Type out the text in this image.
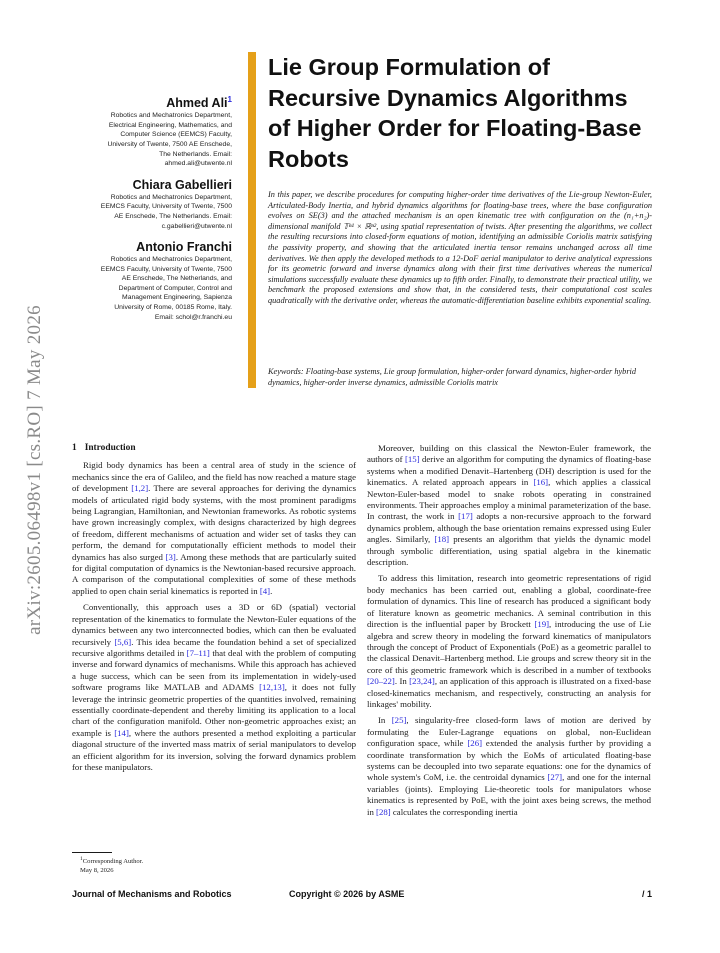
arXiv:2605.06498v1 [cs.RO] 7 May 2026
Ahmed Ali$^1$
Robotics and Mechatronics Department,
Electrical Engineering, Mathematics, and
Computer Science (EEMCS) Faculty,
University of Twente, 7500 AE Enschede,
The Netherlands. Email:
ahmed.ali@utwente.nl
Chiara Gabellieri
Robotics and Mechatronics Department,
EEMCS Faculty, University of Twente, 7500
AE Enschede, The Netherlands. Email:
c.gabellieri@utwente.nl
Antonio Franchi
Robotics and Mechatronics Department,
EEMCS Faculty, University of Twente, 7500
AE Enschede, The Netherlands, and
Department of Computer, Control and
Management Engineering, Sapienza
University of Rome, 00185 Rome, Italy.
Email: schol@r.franchi.eu
Lie Group Formulation of
Recursive Dynamics Algorithms
of Higher Order for Floating-Base
Robots
In this paper, we describe procedures for computing higher-order time derivatives of the Lie-group Newton-Euler, Articulated-Body Inertia, and hybrid dynamics algorithms for floating-base trees, where the base configuration evolves on SE(3) and the attached mechanism is an open kinematic tree with configuration on the (n₁+n₂)-dimensional manifold 𝕋ⁿ¹ × ℝⁿ², using spatial representation of twists. After presenting the algorithms, we collect the resulting recursions into closed-form equations of motion, identifying an admissible Coriolis matrix satisfying the passivity property, and showing that the articulated inertia tensor remains unchanged across all time derivatives. We then apply the developed methods to a 12-DoF aerial manipulator to derive analytical expressions for its geometric forward and inverse dynamics along with their first time derivatives whereas the numerical simulations successfully evaluate these dynamics up to fifth order. Finally, to demonstrate their practical utility, we benchmark the proposed extensions and show that, in the considered tests, their computational cost scales quadratically with the derivative order, whereas the automatic-differentiation baseline exhibits exponential scaling.
Keywords: Floating-base systems, Lie group formulation, higher-order forward dynamics, higher-order hybrid dynamics, higher-order inverse dynamics, admissible Coriolis matrix
1 Introduction

Rigid body dynamics has been a central area of study in the science of mechanics since the era of Galileo, and the field has now reached a mature stage of development [1,2]. There are several approaches for deriving the dynamics models of articulated rigid body systems, with the most prominent paradigms being Lagrangian, Hamiltonian, and Newtonian frameworks. As robotic systems have grown increasingly complex, with designs characterized by high degrees of freedom, different mechanisms of actuation and wider set of tasks they can perform, the demand for computationally efficient methods to model their dynamics has also surged [3]. Among these methods that are particularly suited for digital computation of dynamics is the Newtonian-based recursive approach. A comparison of the computational complexities of some of these methods applied to open chain serial kinematics is reported in [4].

Conventionally, this approach uses a 3D or 6D (spatial) vectorial representation of the kinematics to formulate the Newton-Euler equations of the dynamics between any two interconnected bodies, which can then be evaluated recursively [5,6]. This idea became the foundation behind a set of specialized recursive algorithms detailed in [7–11] that deal with the problem of computing inverse and forward dynamics of mechanisms. While this approach has achieved a huge success, which can be seen from its implementation in widely-used software programs like MATLAB and ADAMS [12,13], it does not fully leverage the intrinsic geometric properties of the quantities involved, remaining essentially coordinate-dependent and thereby limiting its application to a local chart of the configuration manifold. Other non-geometric approaches exist; an example is [14], where the authors presented a method exploiting a particular diagonal structure of the inverted mass matrix of serial manipulators to develop an efficient algorithm for its inversion, solving the forward dynamics problem for these manipulators.

Moreover, building on this classical the Newton-Euler framework, the authors of [15] derive an algorithm for computing the dynamics of floating-base systems when a modified Denavit–Hartenberg (DH) description is used for the kinematics. A related approach appears in [16], which applies a classical Newton-Euler-based model to snake robots operating in constrained environments. Their approaches employ a minimal parameterization of the base. In contrast, the work in [17] adopts a non-recursive approach to the forward dynamics problem, although the base orientation remains expressed using Euler angles. Similarly, [18] presents an algorithm that yields the dynamic model through symbolic differentiation, using spatial algebra in the kinematic description.

To address this limitation, research into geometric representations of rigid body mechanics has been carried out, enabling a global, coordinate-free formulation of dynamics. This line of research has produced a significant body of literature known as geometric mechanics. A seminal contribution in this direction is the influential paper by Brockett [19], introducing the use of Lie algebra and screw theory in modeling the forward kinematics of manipulators through the concept of Product of Exponentials (PoE) as a geometric parallel to the classical Denavit–Hartenberg method. Lie groups and screw theory sit in the core of this geometric framework which is described in a number of textbooks [20–22]. In [23,24], an application of this approach is illustrated on a fixed-base closed-kinematics mechanism, and respectively, constructing an analysis for linkages' mobility.

In [25], singularity-free closed-form laws of motion are derived by formulating the Euler-Lagrange equations on global, non-Euclidean configuration space, while [26] extended the analysis further by providing a coordinate transformation by which the EoMs of articulated floating-base systems can be decoupled into two separate equations: one for the dynamics of whole system's CoM, i.e. the centroidal dynamics [27], and one for the internal variables (joints). Employing Lie-theoretic tools for manipulators whose kinematics is represented by PoE, with the joint axes being screws, the method in [28] calculates the corresponding inertia

$^1$Corresponding Author.
May 8, 2026
Journal of Mechanisms and Robotics	Copyright © 2026 by ASME	/ 1
